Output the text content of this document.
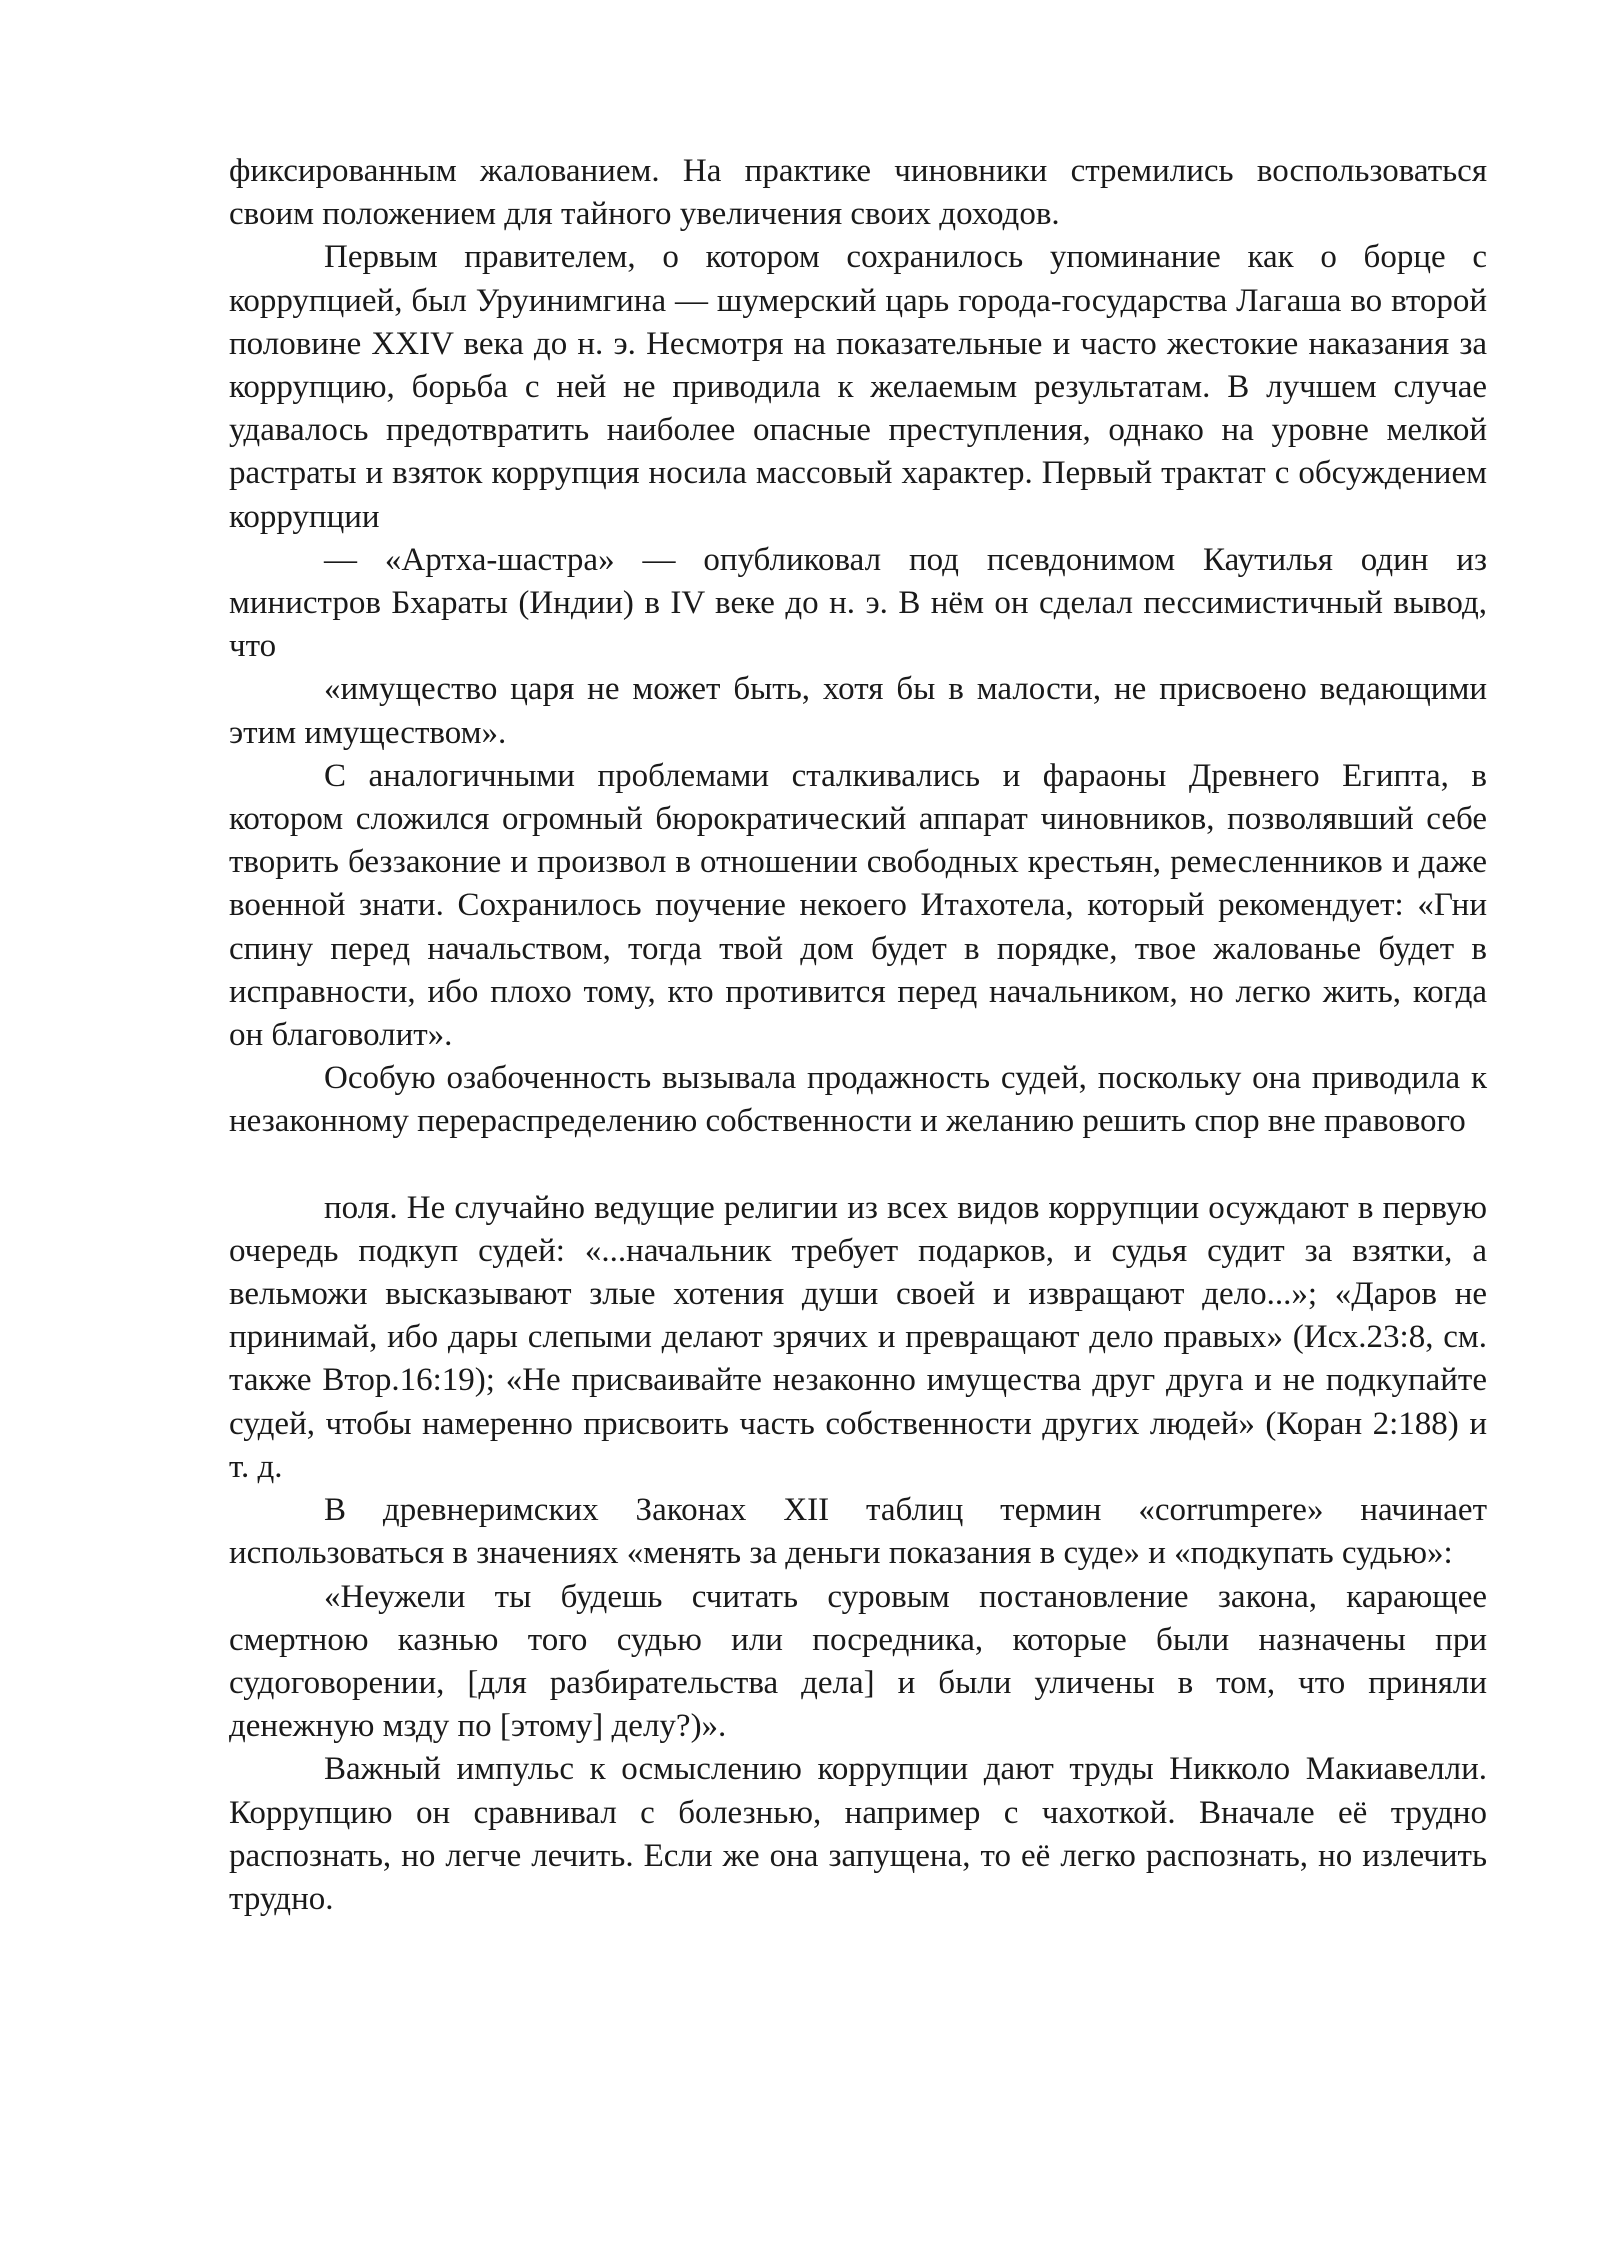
фиксированным жалованием. На практике чиновники стремились воспользоваться своим положением для тайного увеличения своих доходов.

Первым правителем, о котором сохранилось упоминание как о борце с коррупцией, был Уруинимгина — шумерский царь города-государства Лагаша во второй половине XXIV века до н. э. Несмотря на показательные и часто жестокие наказания за коррупцию, борьба с ней не приводила к желаемым результатам. В лучшем случае удавалось предотвратить наиболее опасные преступления, однако на уровне мелкой растраты и взяток коррупция носила массовый характер. Первый трактат с обсуждением коррупции

— «Артха-шастра» — опубликовал под псевдонимом Каутилья один из министров Бхараты (Индии) в IV веке до н. э. В нём он сделал пессимистичный вывод, что

«имущество царя не может быть, хотя бы в малости, не присвоено ведающими этим имуществом».

С аналогичными проблемами сталкивались и фараоны Древнего Египта, в котором сложился огромный бюрократический аппарат чиновников, позволявший себе творить беззаконие и произвол в отношении свободных крестьян, ремесленников и даже военной знати. Сохранилось поучение некоего Итахотела, который рекомендует: «Гни спину перед начальством, тогда твой дом будет в порядке, твое жалованье будет в исправности, ибо плохо тому, кто противится перед начальником, но легко жить, когда он благоволит».

Особую озабоченность вызывала продажность судей, поскольку она приводила к незаконному перераспределению собственности и желанию решить спор вне правового

поля. Не случайно ведущие религии из всех видов коррупции осуждают в первую очередь подкуп судей: «...начальник требует подарков, и судья судит за взятки, а вельможи высказывают злые хотения души своей и извращают дело...»; «Даров не принимай, ибо дары слепыми делают зрячих и превращают дело правых» (Исх.23:8, см. также Втор.16:19); «Не присваивайте незаконно имущества друг друга и не подкупайте судей, чтобы намеренно присвоить часть собственности других людей» (Коран 2:188) и т. д.

В древнеримских Законах XII таблиц термин «corrumpere» начинает использоваться в значениях «менять за деньги показания в суде» и «подкупать судью»:

«Неужели ты будешь считать суровым постановление закона, карающее смертною казнью того судью или посредника, которые были назначены при судоговорении, [для разбирательства дела] и были уличены в том, что приняли денежную мзду по [этому] делу?)».

Важный импульс к осмыслению коррупции дают труды Никколо Макиавелли. Коррупцию он сравнивал с болезнью, например с чахоткой. Вначале её трудно распознать, но легче лечить. Если же она запущена, то её легко распознать, но излечить трудно.
